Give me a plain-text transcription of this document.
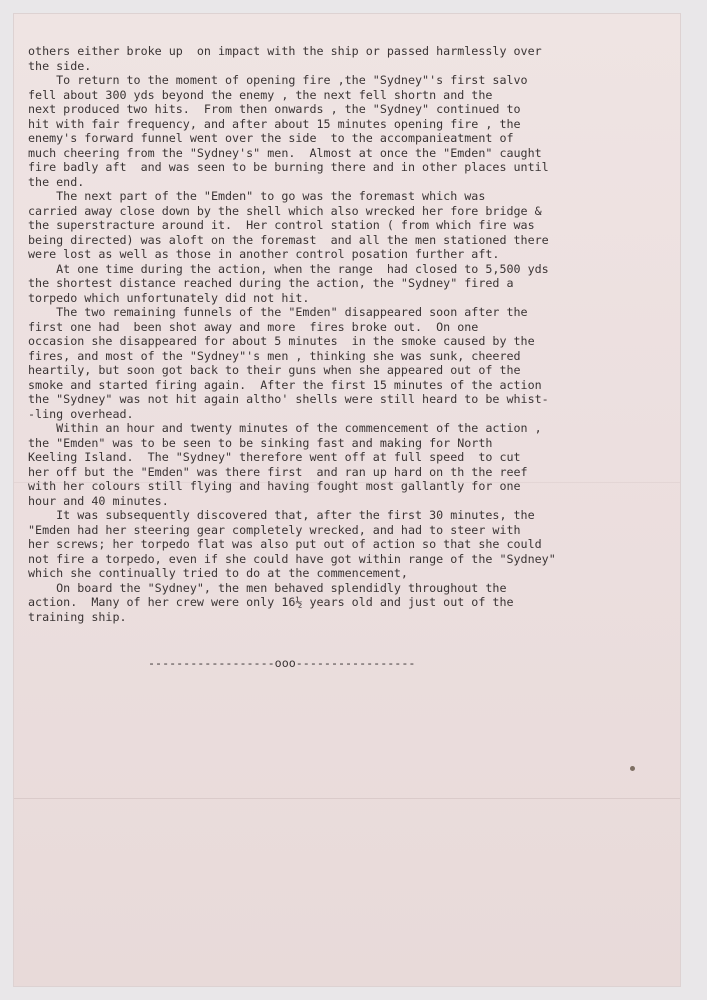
others either broke up  on impact with the ship or passed harmlessly over
the side.
To return to the moment of opening fire ,the "Sydney"'s first salvo
fell about 300 yds beyond the enemy , the next fell shortn and the
next produced two hits.  From then onwards , the "Sydney" continued to
hit with fair frequency, and after about 15 minutes opening fire , the
enemy's forward funnel went over the side  to the accompanieatment of
much cheering from the "Sydney's" men.  Almost at once the "Emden" caught
fire badly aft  and was seen to be burning there and in other places until
the end.
The next part of the "Emden" to go was the foremast which was
carried away close down by the shell which also wrecked her fore bridge &
the superstracture around it.  Her control station ( from which fire was
being directed) was aloft on the foremast  and all the men stationed there
were lost as well as those in another control posation further aft.
At one time during the action, when the range  had closed to 5,500 yds
the shortest distance reached during the action, the "Sydney" fired a
torpedo which unfortunately did not hit.
The two remaining funnels of the "Emden" disappeared soon after the
first one had  been shot away and more  fires broke out.  On one
occasion she disappeared for about 5 minutes  in the smoke caused by the
fires, and most of the "Sydney"'s men , thinking she was sunk, cheered
heartily, but soon got back to their guns when she appeared out of the
smoke and started firing again.  After the first 15 minutes of the action
the "Sydney" was not hit again altho' shells were still heard to be whist-
-ling overhead.
Within an hour and twenty minutes of the commencement of the action ,
the "Emden" was to be seen to be sinking fast and making for North
Keeling Island.  The "Sydney" therefore went off at full speed  to cut
her off but the "Emden" was there first  and ran up hard on th the reef
with her colours still flying and having fought most gallantly for one
hour and 40 minutes.
It was subsequently discovered that, after the first 30 minutes, the
"Emden had her steering gear completely wrecked, and had to steer with
her screws; her torpedo flat was also put out of action so that she could
not fire a torpedo, even if she could have got within range of the "Sydney"
which she continually tried to do at the commencement,
On board the "Sydney", the men behaved splendidly throughout the
action.  Many of her crew were only 16½ years old and just out of the
training ship.
------------------ooo-----------------
